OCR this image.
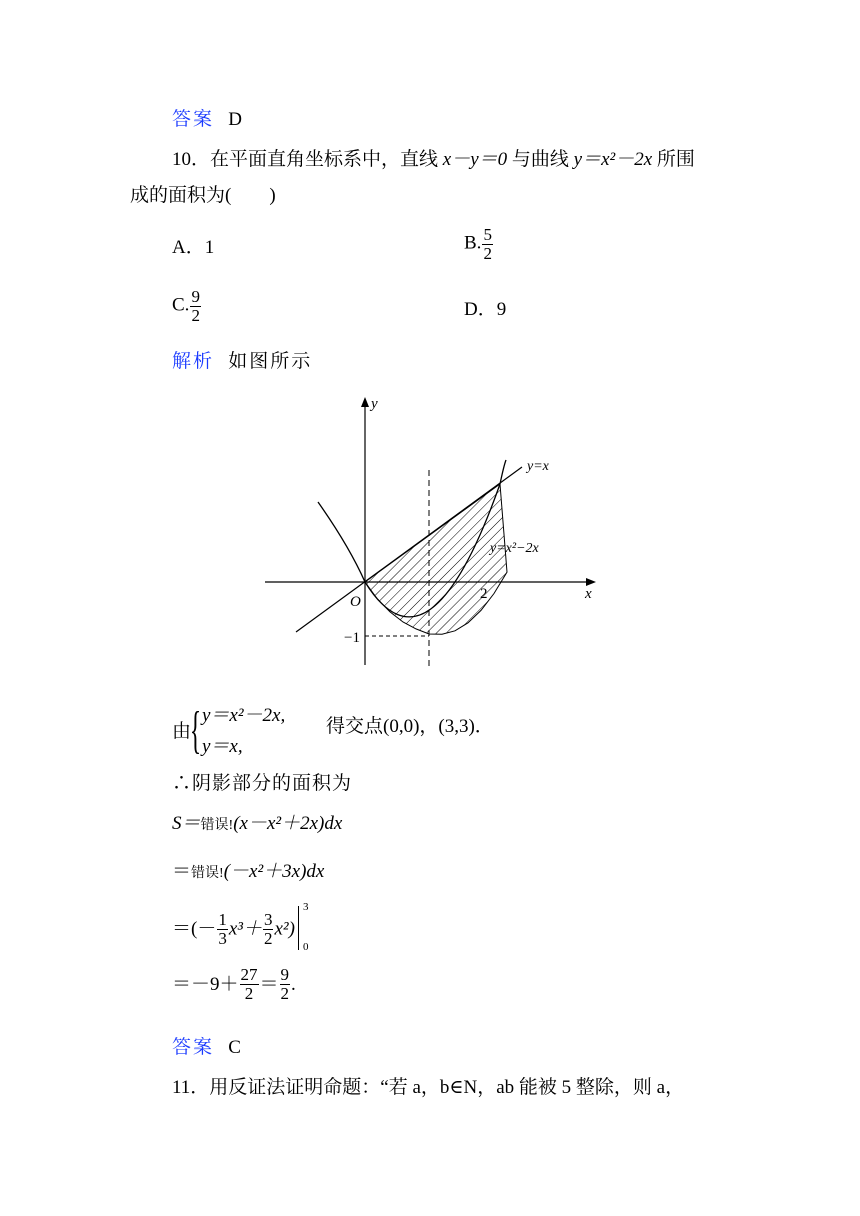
答案 D
10．在平面直角坐标系中，直线 x－y＝0 与曲线 y＝x²－2x 所围
成的面积为(　　)
A．1	B. $\frac{5}{2}$
C. $\frac{9}{2}$	D．9
解析 如图所示
y
x
O	2
−1
y=x
y=x²−2x
由{ y＝x²－2x,
y＝x,
得交点(0,0)，(3,3)．
∴阴影部分的面积为
S＝错误!(x－x²＋2x)dx
＝错误!(－x²＋3x)dx
＝(－ $\frac{1}{3} x^3+ \frac{3}{2} x^2$)
3
0
$=-9+ \frac{27}{2} = \frac{9}{2}$ .
答案 C
11．用反证法证明命题：“若 a，b∈N，ab 能被 5 整除，则 a，
